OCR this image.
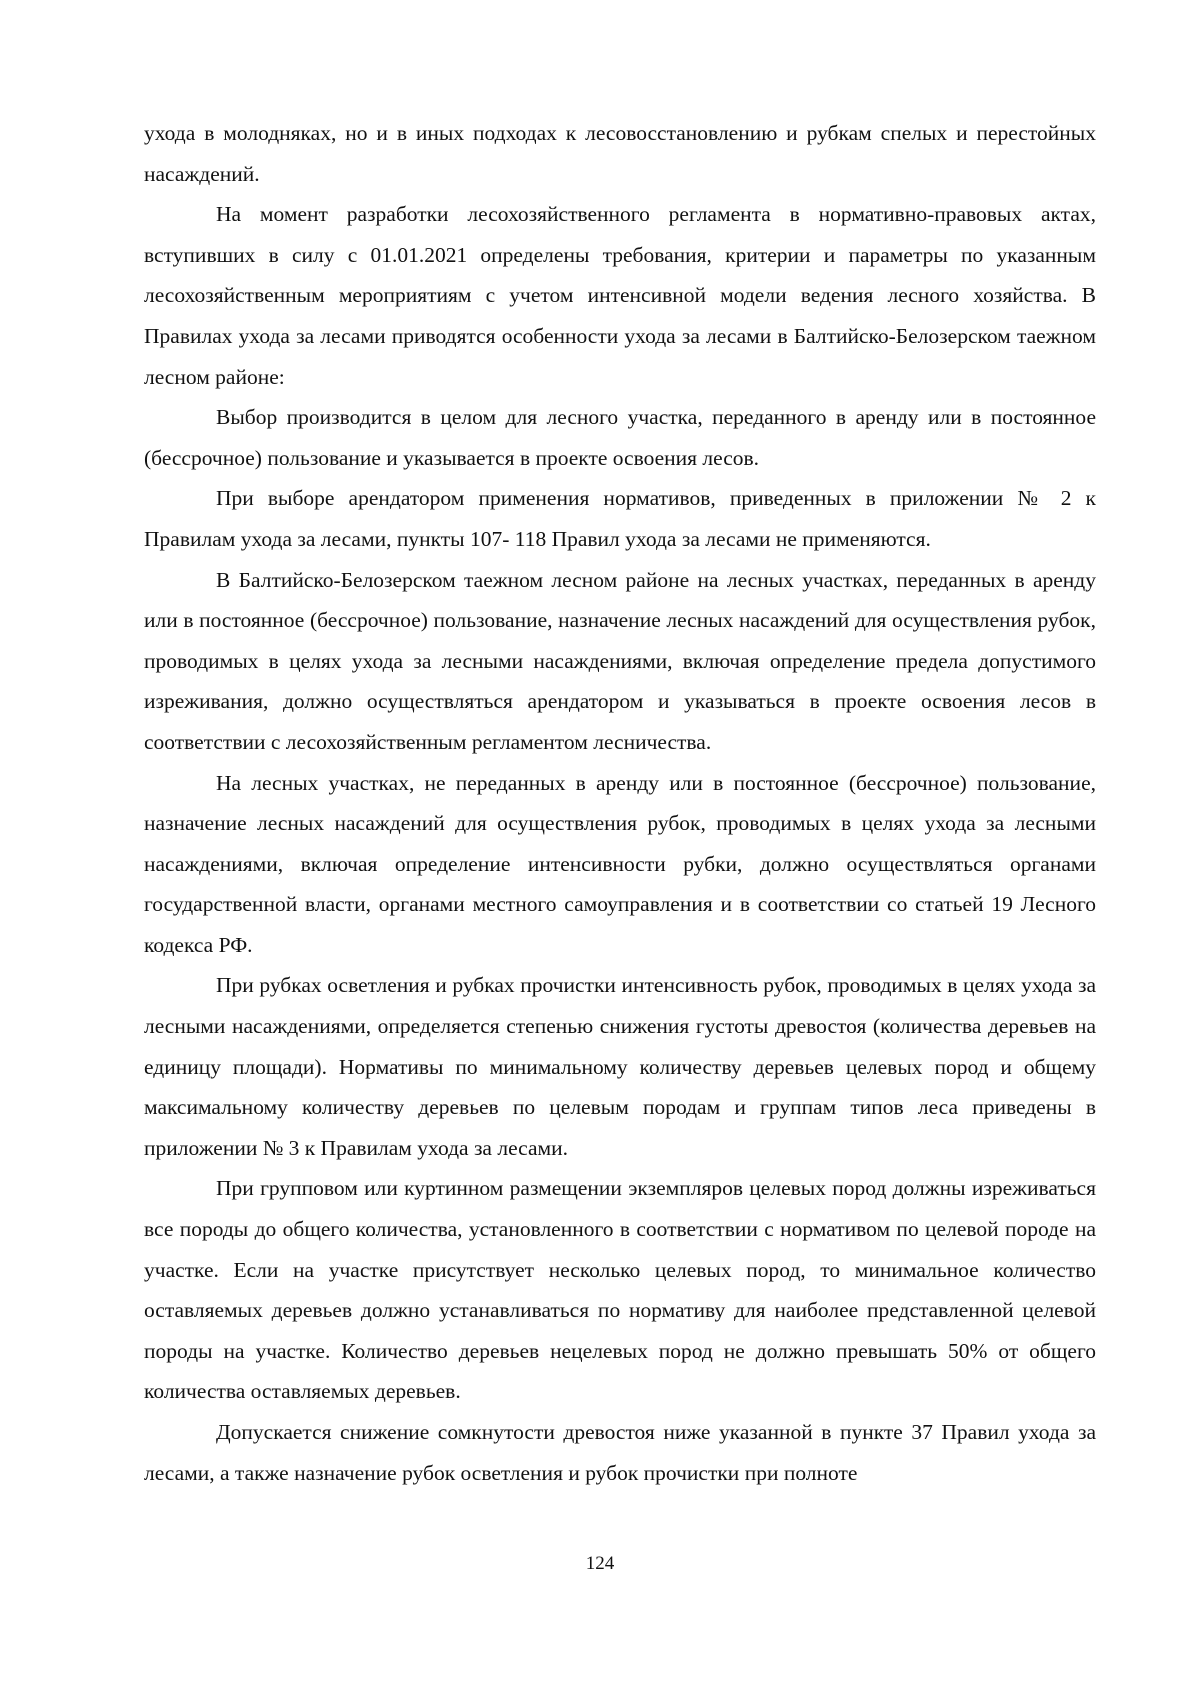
ухода в молодняках, но и в иных подходах к лесовосстановлению и рубкам спелых и перестойных насаждений.

На момент разработки лесохозяйственного регламента в нормативно-правовых актах, вступивших в силу с 01.01.2021 определены требования, критерии и параметры по указанным лесохозяйственным мероприятиям с учетом интенсивной модели ведения лесного хозяйства. В Правилах ухода за лесами приводятся особенности ухода за лесами в Балтийско-Белозерском таежном лесном районе:

Выбор производится в целом для лесного участка, переданного в аренду или в постоянное (бессрочное) пользование и указывается в проекте освоения лесов.

При выборе арендатором применения нормативов, приведенных в приложении № 2 к Правилам ухода за лесами, пункты 107- 118 Правил ухода за лесами не применяются.

В Балтийско-Белозерском таежном лесном районе на лесных участках, переданных в аренду или в постоянное (бессрочное) пользование, назначение лесных насаждений для осуществления рубок, проводимых в целях ухода за лесными насаждениями, включая определение предела допустимого изреживания, должно осуществляться арендатором и указываться в проекте освоения лесов в соответствии с лесохозяйственным регламентом лесничества.

На лесных участках, не переданных в аренду или в постоянное (бессрочное) пользование, назначение лесных насаждений для осуществления рубок, проводимых в целях ухода за лесными насаждениями, включая определение интенсивности рубки, должно осуществляться органами государственной власти, органами местного самоуправления и в соответствии со статьей 19 Лесного кодекса РФ.

При рубках осветления и рубках прочистки интенсивность рубок, проводимых в целях ухода за лесными насаждениями, определяется степенью снижения густоты древостоя (количества деревьев на единицу площади). Нормативы по минимальному количеству деревьев целевых пород и общему максимальному количеству деревьев по целевым породам и группам типов леса приведены в приложении № 3 к Правилам ухода за лесами.

При групповом или куртинном размещении экземпляров целевых пород должны изреживаться все породы до общего количества, установленного в соответствии с нормативом по целевой породе на участке. Если на участке присутствует несколько целевых пород, то минимальное количество оставляемых деревьев должно устанавливаться по нормативу для наиболее представленной целевой породы на участке. Количество деревьев нецелевых пород не должно превышать 50% от общего количества оставляемых деревьев.

Допускается снижение сомкнутости древостоя ниже указанной в пункте 37 Правил ухода за лесами, а также назначение рубок осветления и рубок прочистки при полноте

124
